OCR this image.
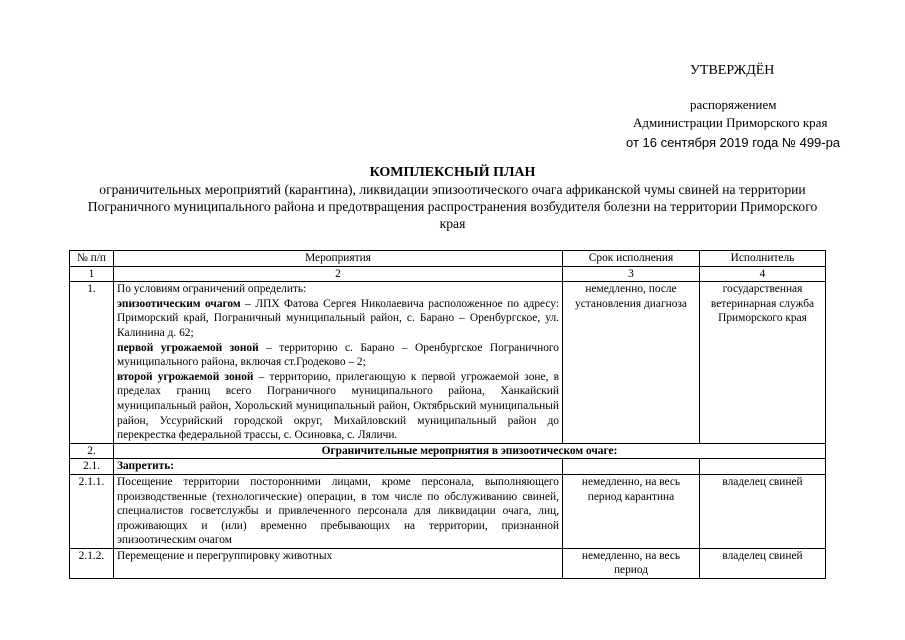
УТВЕРЖДЁН
распоряжением
Администрации Приморского края
от 16 сентября 2019 года № 499-ра
КОМПЛЕКСНЫЙ ПЛАН
ограничительных мероприятий (карантина), ликвидации эпизоотического очага африканской чумы свиней на территории Пограничного муниципального района и предотвращения распространения возбудителя болезни на территории Приморского края
№ п/п	Мероприятия	Срок исполнения	Исполнитель
1	2	3	4
1.	По условиям ограничений определить:
эпизоотическим очагом – ЛПХ Фатова Сергея Николаевича расположенное по адресу: Приморский край, Пограничный муниципальный район, с. Барано – Оренбургское, ул. Калинина д. 62;
первой угрожаемой зоной – территорию с. Барано – Оренбургское Пограничного муниципального района, включая ст.Гродеково – 2;
второй угрожаемой зоной – территорию, прилегающую к первой угрожаемой зоне, в пределах границ всего Пограничного муниципального района, Ханкайский муниципальный район, Хорольский муниципальный район, Октябрьский муниципальный район, Уссурийский городской округ, Михайловский муниципальный район до перекрестка федеральной трассы, с. Осиновка, с. Ляличи.	немедленно, после установления диагноза	государственная ветеринарная служба Приморского края
2.	Ограничительные мероприятия в эпизоотическом очаге:		
2.1.	Запретить:		
2.1.1.	Посещение территории посторонними лицами, кроме персонала, выполняющего производственные (технологические) операции, в том числе по обслуживанию свиней, специалистов госветслужбы и привлеченного персонала для ликвидации очага, лиц, проживающих и (или) временно пребывающих на территории, признанной эпизоотическим очагом	немедленно, на весь период карантина	владелец свиней
2.1.2.	Перемещение и перегруппировку животных	немедленно, на весь период	владелец свиней
